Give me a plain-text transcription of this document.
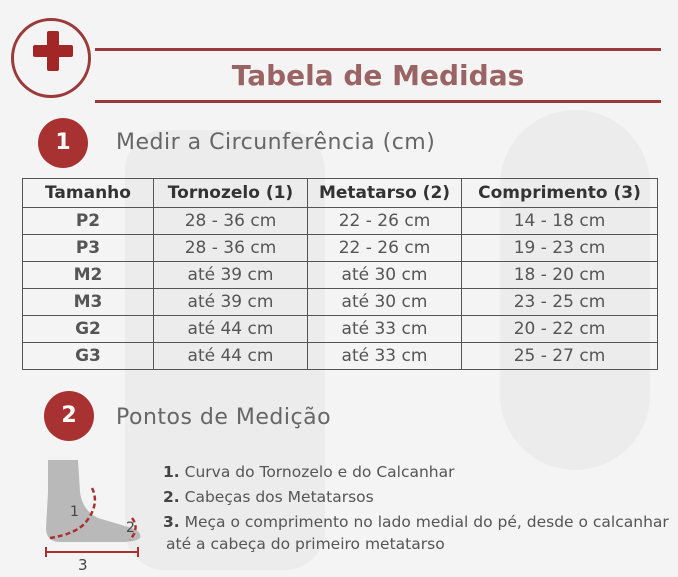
Tabela de Medidas
1	Medir a Circunferência (cm)
Tamanho	Tornozelo (1)	Metatarso (2)	Comprimento (3)
P2	28 - 36 cm	22 - 26 cm	14 - 18 cm
P3	28 - 36 cm	22 - 26 cm	19 - 23 cm
M2	até 39 cm	até 30 cm	18 - 20 cm
M3	até 39 cm	até 30 cm	23 - 25 cm
G2	até 44 cm	até 33 cm	20 - 22 cm
G3	até 44 cm	até 33 cm	25 - 27 cm
2	Pontos de Medição
1
2
3
1. Curva do Tornozelo e do Calcanhar
2. Cabeças dos Metatarsos
3. Meça o comprimento no lado medial do pé, desde o calcanhar
até a cabeça do primeiro metatarso
